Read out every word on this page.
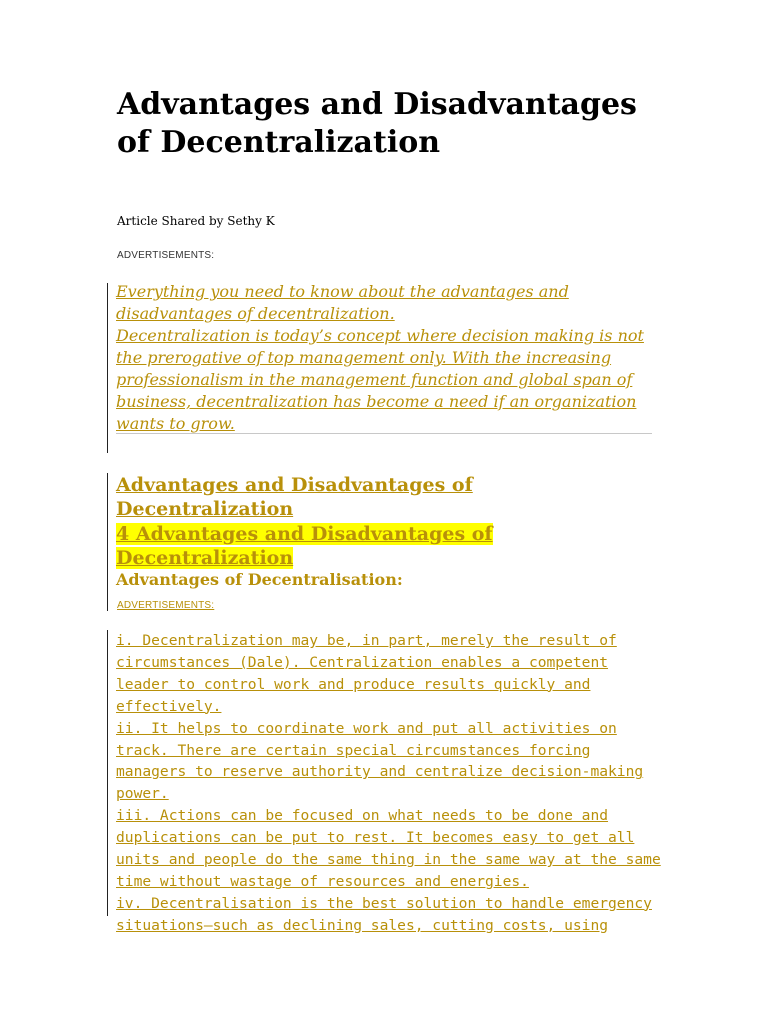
Advantages and Disadvantages of Decentralization
Article Shared by Sethy K
ADVERTISEMENTS:
Everything you need to know about the advantages and disadvantages of decentralization.
Decentralization is today’s concept where decision making is not the prerogative of top management only. With the increasing professionalism in the management function and global span of business, decentralization has become a need if an organization wants to grow.
Advantages and Disadvantages of Decentralization
4 Advantages and Disadvantages of Decentralization
Advantages of Decentralisation:
ADVERTISEMENTS:
i. Decentralization may be, in part, merely the result of circumstances (Dale). Centralization enables a competent leader to control work and produce results quickly and effectively.
ii. It helps to coordinate work and put all activities on track. There are certain special circumstances forcing managers to reserve authority and centralize decision-making power.
iii. Actions can be focused on what needs to be done and duplications can be put to rest. It becomes easy to get all units and people do the same thing in the same way at the same time without wastage of resources and energies.
iv. Decentralisation is the best solution to handle emergency situations—such as declining sales, cutting costs, using
